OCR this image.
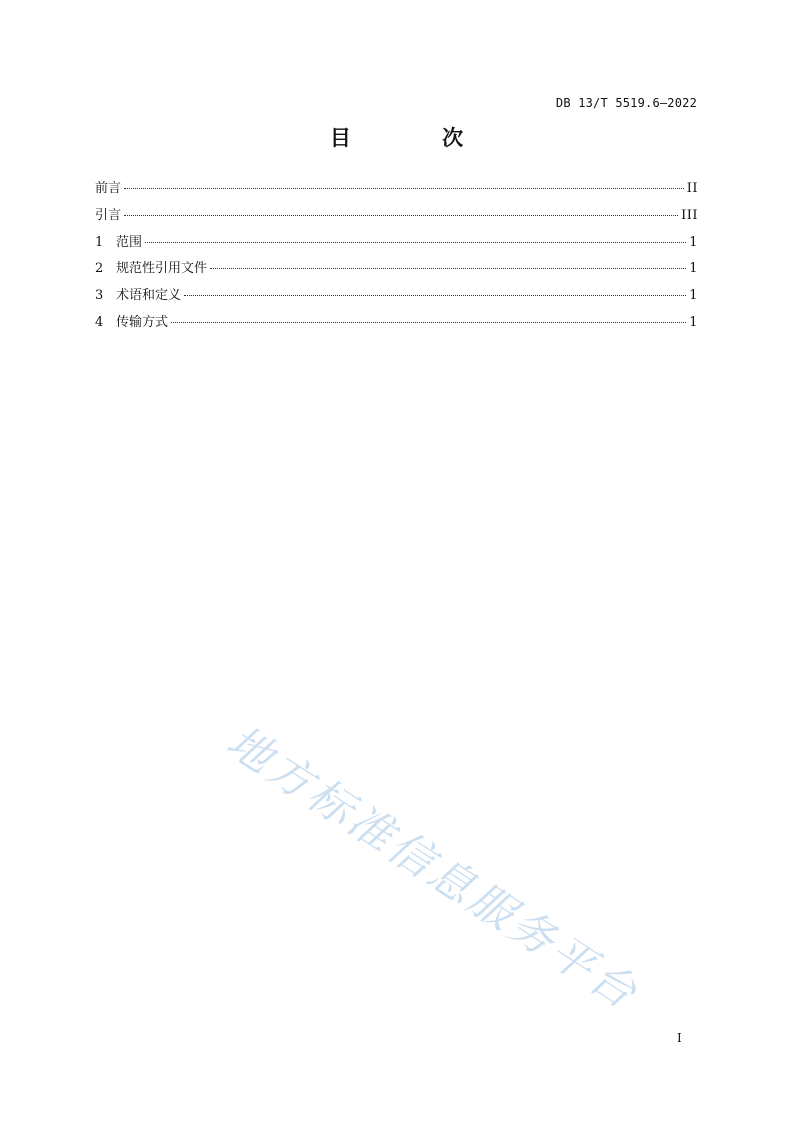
DB 13/T 5519.6—2022
目 次
前言	II
引言	III
1 范围	1
2 规范性引用文件	1
3 术语和定义	1
4 传输方式	1
地方标准信息服务平台
I
